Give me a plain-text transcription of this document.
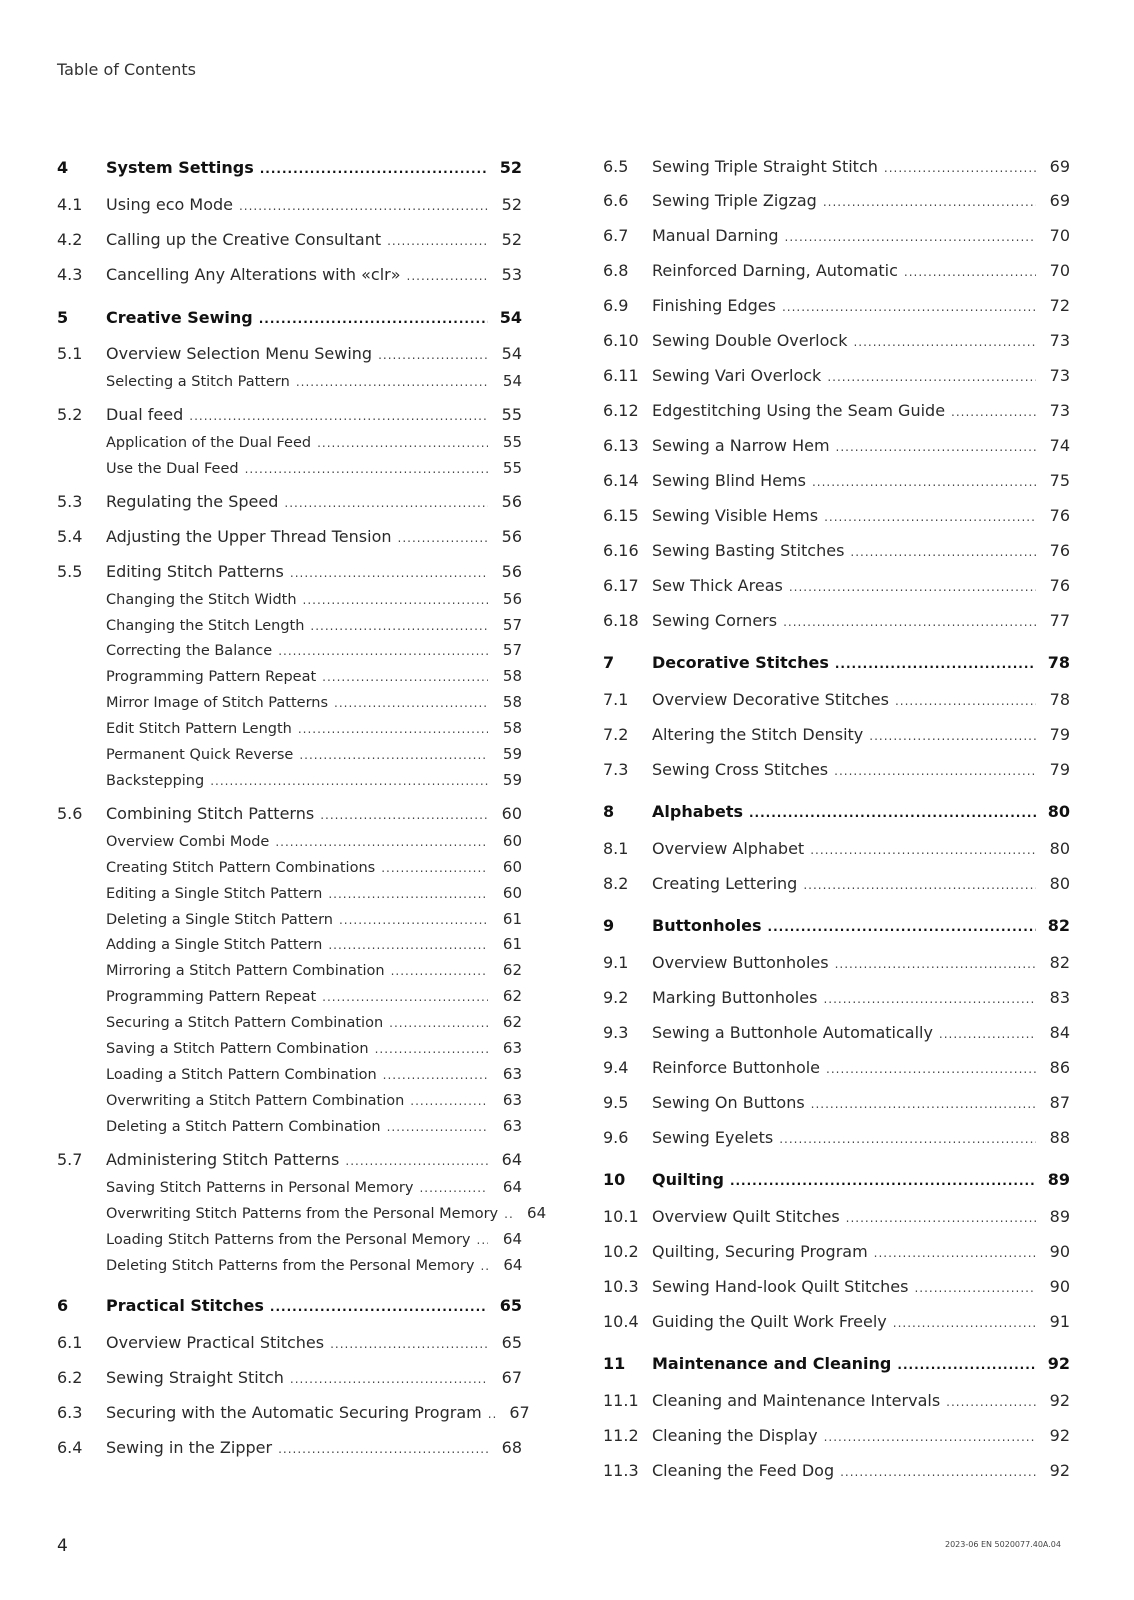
Table of Contents
4	System Settings .....	52
4.1	Using eco Mode .....	52
4.2	Calling up the Creative Consultant .....	52
4.3	Cancelling Any Alterations with «clr» .....	53
5	Creative Sewing .....	54
5.1	Overview Selection Menu Sewing .....	54
Selecting a Stitch Pattern .....	54
5.2	Dual feed .....	55
Application of the Dual Feed .....	55
Use the Dual Feed .....	55
5.3	Regulating the Speed .....	56
5.4	Adjusting the Upper Thread Tension .....	56
5.5	Editing Stitch Patterns .....	56
Changing the Stitch Width .....	56
Changing the Stitch Length .....	57
Correcting the Balance .....	57
Programming Pattern Repeat .....	58
Mirror Image of Stitch Patterns .....	58
Edit Stitch Pattern Length .....	58
Permanent Quick Reverse .....	59
Backstepping .....	59
5.6	Combining Stitch Patterns .....	60
Overview Combi Mode .....	60
Creating Stitch Pattern Combinations .....	60
Editing a Single Stitch Pattern .....	60
Deleting a Single Stitch Pattern .....	61
Adding a Single Stitch Pattern .....	61
Mirroring a Stitch Pattern Combination .....	62
Programming Pattern Repeat .....	62
Securing a Stitch Pattern Combination .....	62
Saving a Stitch Pattern Combination .....	63
Loading a Stitch Pattern Combination .....	63
Overwriting a Stitch Pattern Combination .....	63
Deleting a Stitch Pattern Combination .....	63
5.7	Administering Stitch Patterns .....	64
Saving Stitch Patterns in Personal Memory .....	64
Overwriting Stitch Patterns from the Personal Memory .....	64
Loading Stitch Patterns from the Personal Memory .....	64
Deleting Stitch Patterns from the Personal Memory .....	64
6	Practical Stitches .....	65
6.1	Overview Practical Stitches .....	65
6.2	Sewing Straight Stitch .....	67
6.3	Securing with the Automatic Securing Program .....	67
6.4	Sewing in the Zipper .....	68
6.5	Sewing Triple Straight Stitch .....	69
6.6	Sewing Triple Zigzag .....	69
6.7	Manual Darning .....	70
6.8	Reinforced Darning, Automatic .....	70
6.9	Finishing Edges .....	72
6.10 Sewing Double Overlock .....	73
6.11 Sewing Vari Overlock .....	73
6.12 Edgestitching Using the Seam Guide .....	73
6.13 Sewing a Narrow Hem .....	74
6.14 Sewing Blind Hems .....	75
6.15 Sewing Visible Hems .....	76
6.16 Sewing Basting Stitches .....	76
6.17 Sew Thick Areas .....	76
6.18 Sewing Corners .....	77
7	Decorative Stitches .....	78
7.1	Overview Decorative Stitches .....	78
7.2	Altering the Stitch Density .....	79
7.3	Sewing Cross Stitches .....	79
8	Alphabets .....	80
8.1	Overview Alphabet .....	80
8.2	Creating Lettering .....	80
9	Buttonholes .....	82
9.1	Overview Buttonholes .....	82
9.2	Marking Buttonholes .....	83
9.3	Sewing a Buttonhole Automatically .....	84
9.4	Reinforce Buttonhole .....	86
9.5	Sewing On Buttons .....	87
9.6	Sewing Eyelets .....	88
10	Quilting .....	89
10.1 Overview Quilt Stitches .....	89
10.2 Quilting, Securing Program .....	90
10.3 Sewing Hand-look Quilt Stitches .....	90
10.4 Guiding the Quilt Work Freely .....	91
11	Maintenance and Cleaning .....	92
11.1 Cleaning and Maintenance Intervals .....	92
11.2 Cleaning the Display .....	92
11.3 Cleaning the Feed Dog .....	92
4	2023-06 EN 5020077.40A.04
